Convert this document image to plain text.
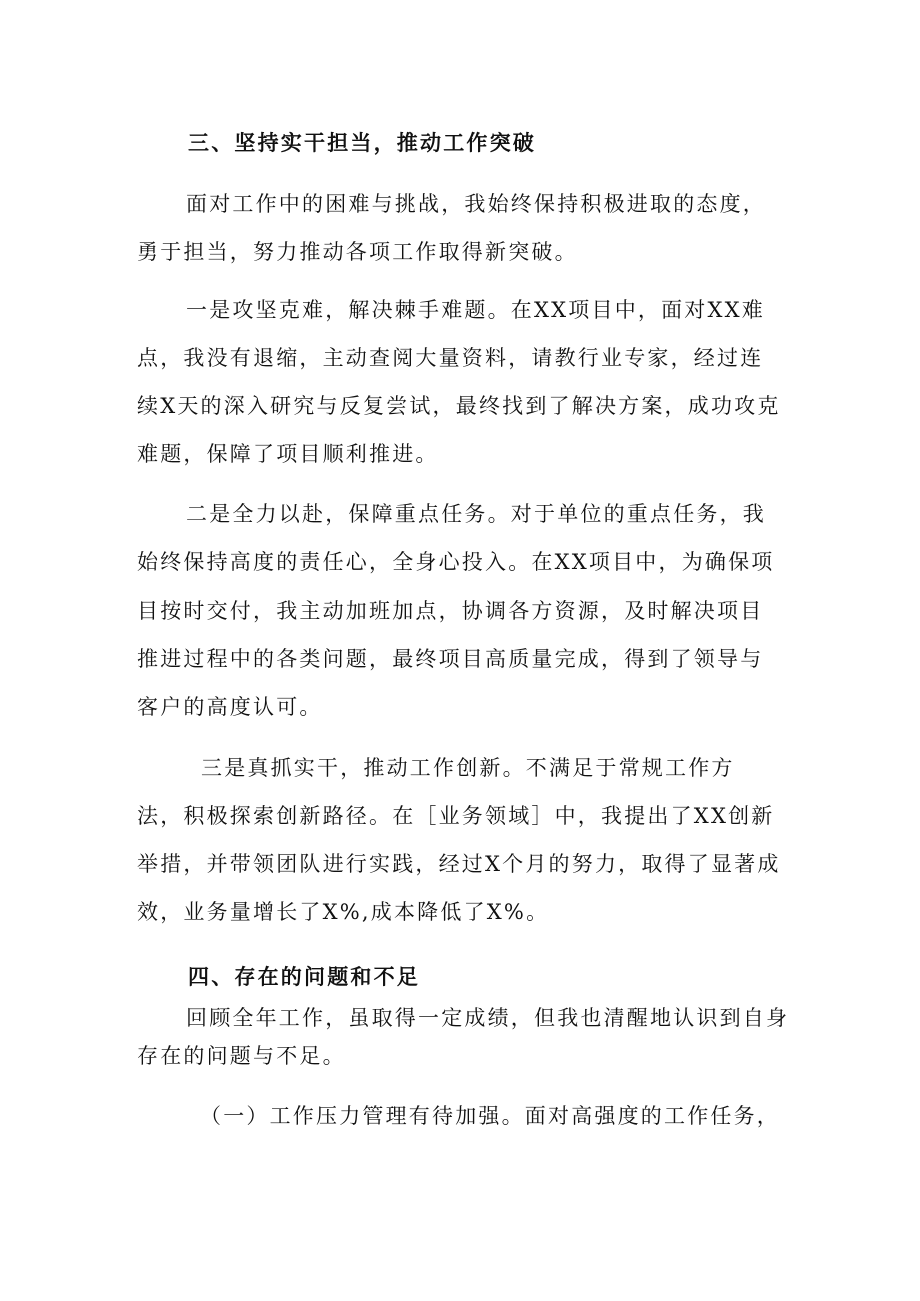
三、坚持实干担当，推动工作突破
面对工作中的困难与挑战，我始终保持积极进取的态度，
勇于担当，努力推动各项工作取得新突破。
一是攻坚克难，解决棘手难题。在XX项目中，面对XX难
点，我没有退缩，主动查阅大量资料，请教行业专家，经过连
续X天的深入研究与反复尝试，最终找到了解决方案，成功攻克
难题，保障了项目顺利推进。
二是全力以赴，保障重点任务。对于单位的重点任务，我
始终保持高度的责任心，全身心投入。在XX项目中，为确保项
目按时交付，我主动加班加点，协调各方资源，及时解决项目
推进过程中的各类问题，最终项目高质量完成，得到了领导与
客户的高度认可。
三是真抓实干，推动工作创新。不满足于常规工作方
法，积极探索创新路径。在［业务领域］中，我提出了XX创新
举措，并带领团队进行实践，经过X个月的努力，取得了显著成
效，业务量增长了X%,成本降低了X%。
四、存在的问题和不足
回顾全年工作，虽取得一定成绩，但我也清醒地认识到自身
存在的问题与不足。
（一）工作压力管理有待加强。面对高强度的工作任务，
